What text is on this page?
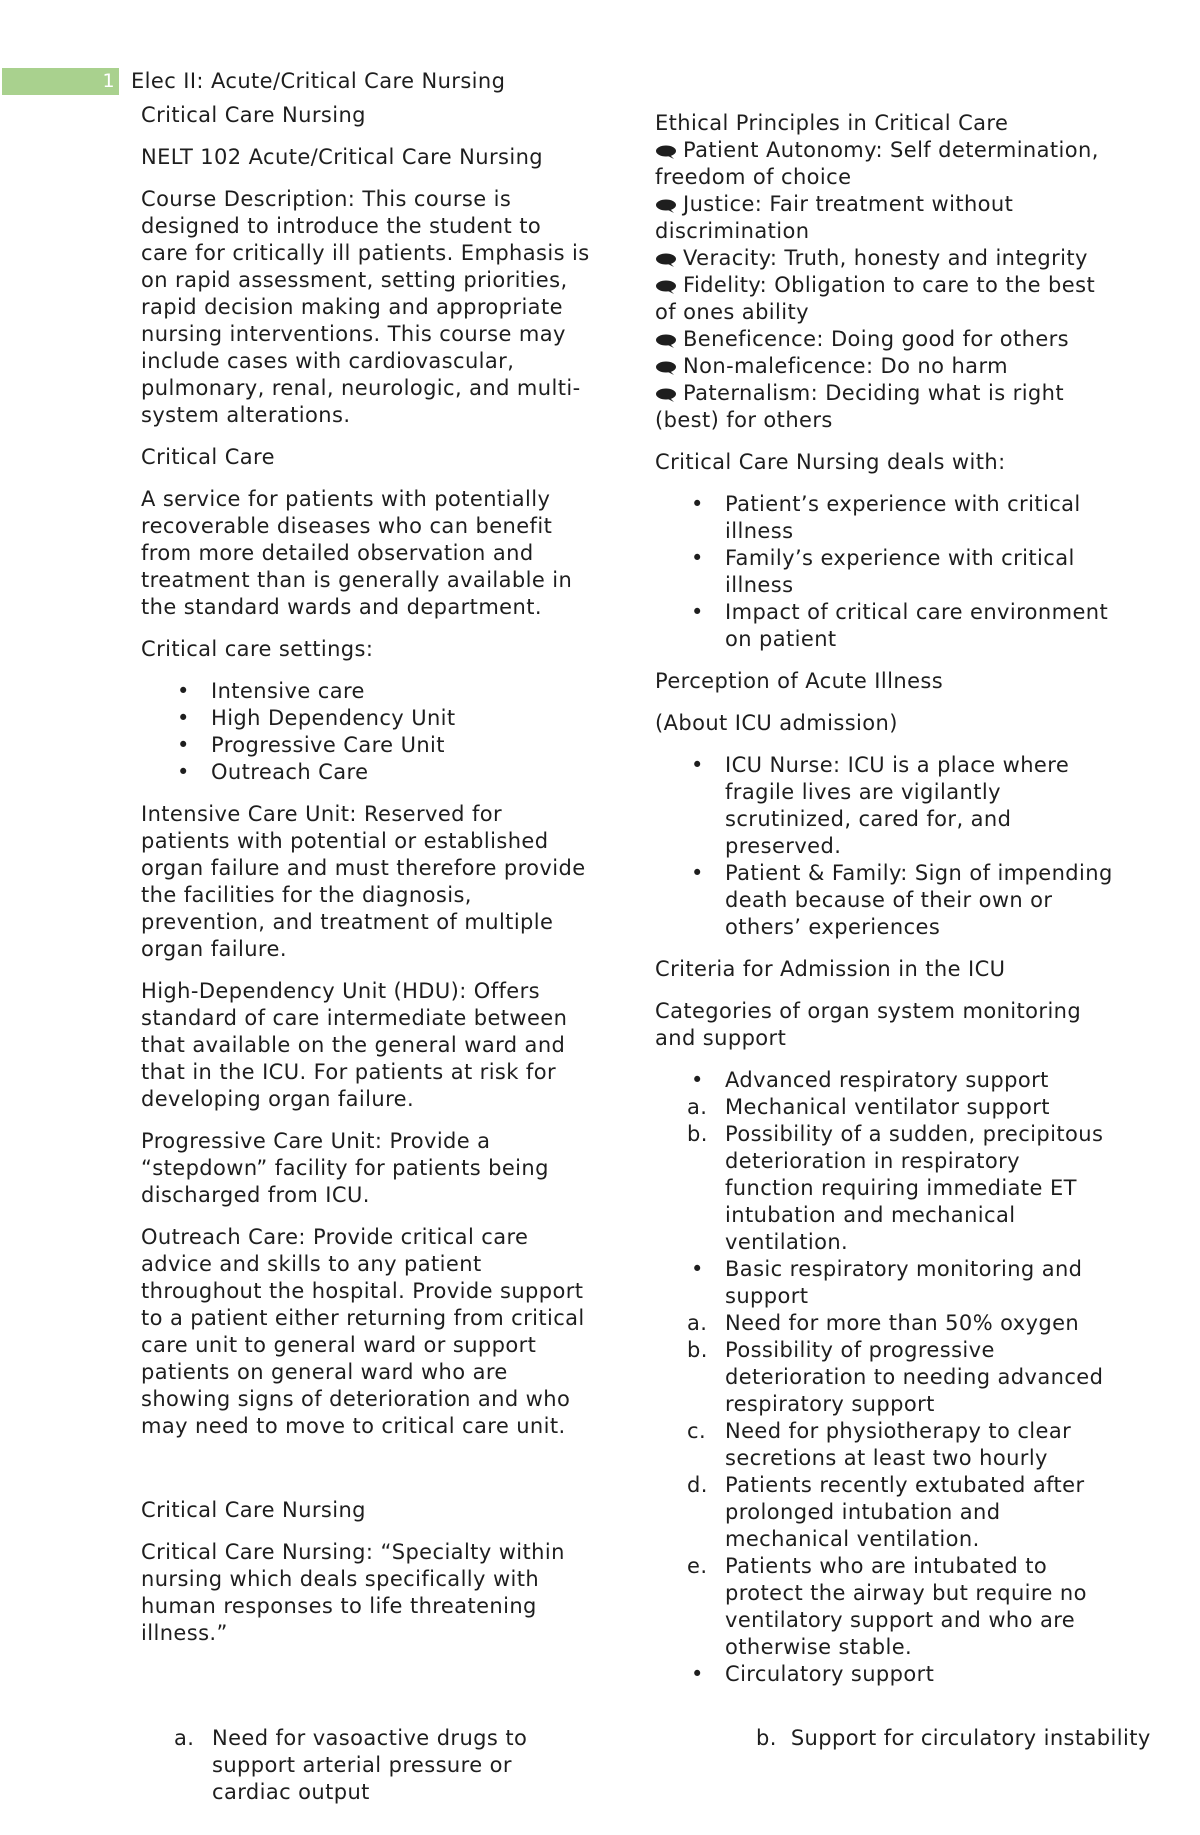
1 Elec II: Acute/Critical Care Nursing

Critical Care Nursing

NELT 102 Acute/Critical Care Nursing

Course Description: This course is designed to introduce the student to care for critically ill patients. Emphasis is on rapid assessment, setting priorities, rapid decision making and appropriate nursing interventions. This course may include cases with cardiovascular, pulmonary, renal, neurologic, and multi-system alterations.

Critical Care

A service for patients with potentially recoverable diseases who can benefit from more detailed observation and treatment than is generally available in the standard wards and department.

Critical care settings:

• Intensive care
• High Dependency Unit
• Progressive Care Unit
• Outreach Care

Intensive Care Unit: Reserved for patients with potential or established organ failure and must therefore provide the facilities for the diagnosis, prevention, and treatment of multiple organ failure.

High-Dependency Unit (HDU): Offers standard of care intermediate between that available on the general ward and that in the ICU. For patients at risk for developing organ failure.

Progressive Care Unit: Provide a “stepdown” facility for patients being discharged from ICU.

Outreach Care: Provide critical care advice and skills to any patient throughout the hospital. Provide support to a patient either returning from critical care unit to general ward or support patients on general ward who are showing signs of deterioration and who may need to move to critical care unit.

Critical Care Nursing

Critical Care Nursing: “Specialty within nursing which deals specifically with human responses to life threatening illness.”

a. Need for vasoactive drugs to support arterial pressure or cardiac output

Ethical Principles in Critical Care

Patient Autonomy: Self determination, freedom of choice

Justice: Fair treatment without discrimination

Veracity: Truth, honesty and integrity

Fidelity: Obligation to care to the best of ones ability

Beneficence: Doing good for others

Non-maleficence: Do no harm

Paternalism: Deciding what is right (best) for others

Critical Care Nursing deals with:

• Patient’s experience with critical illness
• Family’s experience with critical illness
• Impact of critical care environment on patient

Perception of Acute Illness

(About ICU admission)

• ICU Nurse: ICU is a place where fragile lives are vigilantly scrutinized, cared for, and preserved.
• Patient & Family: Sign of impending death because of their own or others’ experiences

Criteria for Admission in the ICU

Categories of organ system monitoring and support

• Advanced respiratory support
a. Mechanical ventilator support
b. Possibility of a sudden, precipitous deterioration in respiratory function requiring immediate ET intubation and mechanical ventilation.
• Basic respiratory monitoring and support
a. Need for more than 50% oxygen
b. Possibility of progressive deterioration to needing advanced respiratory support
c. Need for physiotherapy to clear secretions at least two hourly
d. Patients recently extubated after prolonged intubation and mechanical ventilation.
e. Patients who are intubated to protect the airway but require no ventilatory support and who are otherwise stable.
• Circulatory support
b. Support for circulatory instability
